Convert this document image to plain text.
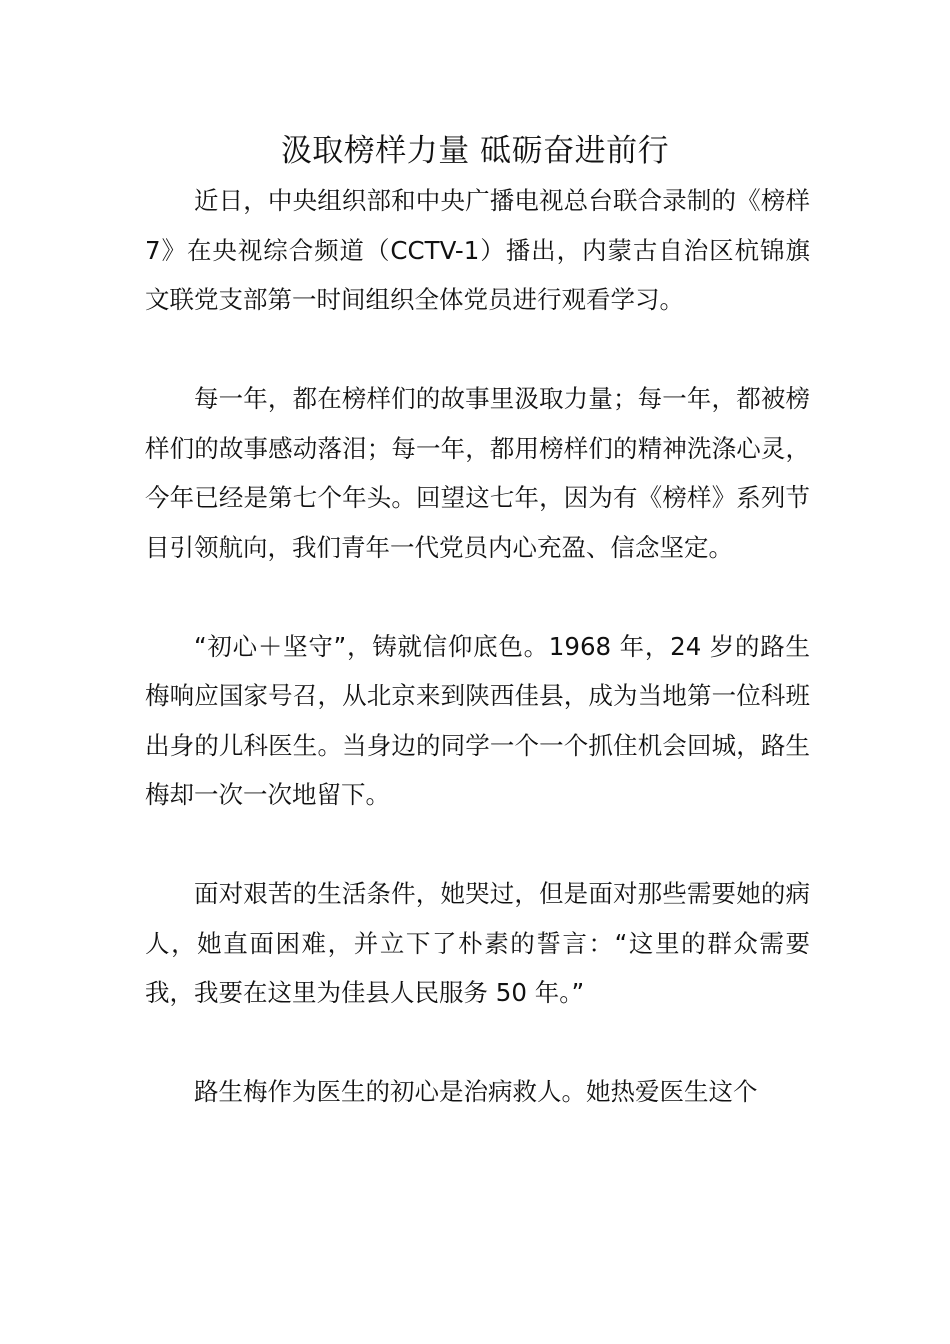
汲取榜样力量 砥砺奋进前行

近日，中央组织部和中央广播电视总台联合录制的《榜样 7》在央视综合频道（CCTV-1）播出，内蒙古自治区杭锦旗文联党支部第一时间组织全体党员进行观看学习。

每一年，都在榜样们的故事里汲取力量；每一年，都被榜样们的故事感动落泪；每一年，都用榜样们的精神洗涤心灵，今年已经是第七个年头。回望这七年，因为有《榜样》系列节目引领航向，我们青年一代党员内心充盈、信念坚定。

“初心＋坚守”，铸就信仰底色。1968 年，24 岁的路生梅响应国家号召，从北京来到陕西佳县，成为当地第一位科班出身的儿科医生。当身边的同学一个一个抓住机会回城，路生梅却一次一次地留下。

面对艰苦的生活条件，她哭过，但是面对那些需要她的病人，她直面困难，并立下了朴素的誓言：“这里的群众需要我，我要在这里为佳县人民服务 50 年。”

路生梅作为医生的初心是治病救人。她热爱医生这个
